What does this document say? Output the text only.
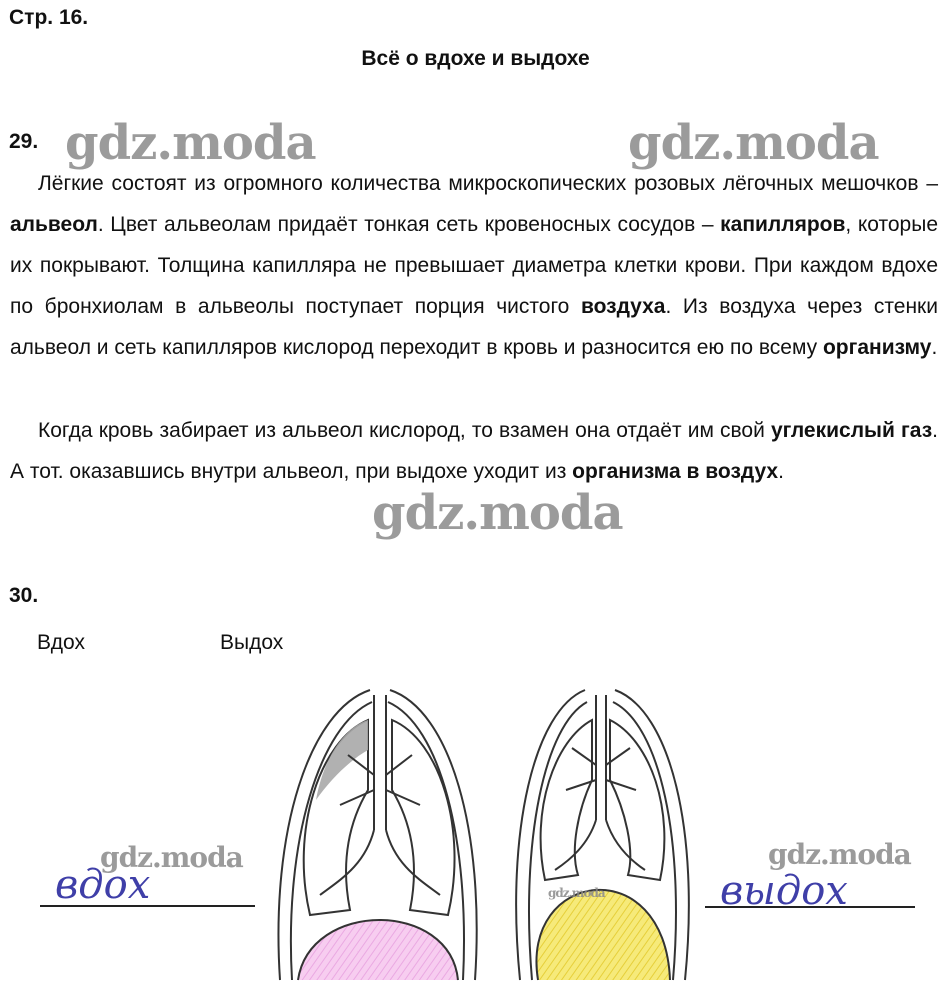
Стр. 16.
Всё о вдохе и выдохе
29.

Лёгкие состоят из огромного количества микроскопических розовых лёгочных мешочков – альвеол. Цвет альвеолам придаёт тонкая сеть кровеносных сосудов – капилляров, которые их покрывают. Толщина капилляра не превышает диаметра клетки крови. При каждом вдохе по бронхиолам в альвеолы поступает порция чистого воздуха. Из воздуха через стенки альвеол и сеть капилляров кислород переходит в кровь и разносится ею по всему организму.

Когда кровь забирает из альвеол кислород, то взамен она отдаёт им свой углекислый газ. А тот. оказавшись внутри альвеол, при выдохе уходит из организма в воздух.

30.
Вдох	Выдох
вдох	выдох
gdz.moda	gdz.moda
gdz.moda
gdz.moda	gdz.moda
gdz.moda
